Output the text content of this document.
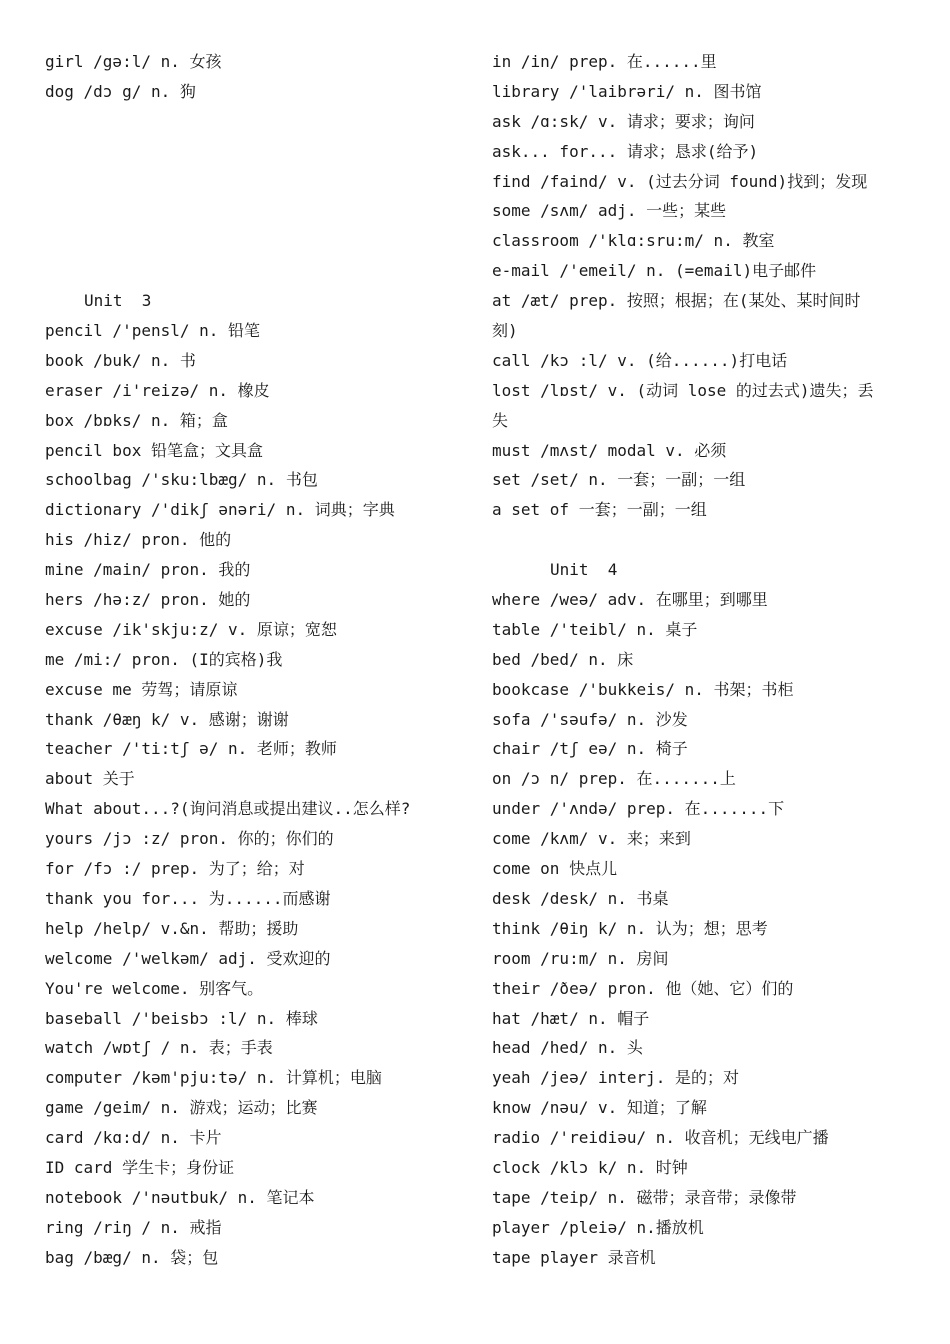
girl /gə:l/ n. 女孩
dog /dɔ g/ n. 狗
Unit  3
pencil /'pensl/ n. 铅笔
book /buk/ n. 书
eraser /i'reizə/ n. 橡皮
box /bɒks/ n. 箱；盒
pencil box 铅笔盒；文具盒
schoolbag /'sku:lbæg/ n. 书包
dictionary /'dikʃ ənəri/ n. 词典；字典
his /hiz/ pron. 他的
mine /main/ pron. 我的
hers /hə:z/ pron. 她的
excuse /ik'skju:z/ v. 原谅；宽恕
me /mi:/ pron. (I的宾格)我
excuse me 劳驾；请原谅
thank /θæŋ k/ v. 感谢；谢谢
teacher /'ti:tʃ ə/ n. 老师；教师
about 关于
What about...?(询问消息或提出建议..怎么样?
yours /jɔ :z/ pron. 你的；你们的
for /fɔ :/ prep. 为了；给；对
thank you for... 为......而感谢
help /help/ v.&n. 帮助；援助
welcome /'welkəm/ adj. 受欢迎的
You're welcome. 别客气。
baseball /'beisbɔ :l/ n. 棒球
watch /wɒtʃ / n. 表；手表
computer /kəm'pju:tə/ n. 计算机；电脑
game /geim/ n. 游戏；运动；比赛
card /kɑ:d/ n. 卡片
ID card 学生卡；身份证
notebook /'nəutbuk/ n. 笔记本
ring /riŋ / n. 戒指
bag /bæg/ n. 袋；包
in /in/ prep. 在......里
library /'laibrəri/ n. 图书馆
ask /ɑ:sk/ v. 请求；要求；询问
ask... for... 请求；恳求(给予)
find /faind/ v. (过去分词 found)找到；发现
some /sʌm/ adj. 一些；某些
classroom /'klɑ:sru:m/ n. 教室
e-mail /'emeil/ n. (=email)电子邮件
at /æt/ prep. 按照；根据；在(某处、某时间时
刻)
call /kɔ :l/ v. (给......)打电话
lost /lɒst/ v. (动词 lose 的过去式)遗失；丢
失
must /mʌst/ modal v. 必须
set /set/ n. 一套；一副；一组
a set of 一套；一副；一组
Unit  4
where /weə/ adv. 在哪里；到哪里
table /'teibl/ n. 桌子
bed /bed/ n. 床
bookcase /'bukkeis/ n. 书架；书柜
sofa /'səufə/ n. 沙发
chair /tʃ eə/ n. 椅子
on /ɔ n/ prep. 在.......上
under /'ʌndə/ prep. 在.......下
come /kʌm/ v. 来；来到
come on 快点儿
desk /desk/ n. 书桌
think /θiŋ k/ n. 认为；想；思考
room /ru:m/ n. 房间
their /ðeə/ pron. 他（她、它）们的
hat /hæt/ n. 帽子
head /hed/ n. 头
yeah /jeə/ interj. 是的；对
know /nəu/ v. 知道；了解
radio /'reidiəu/ n. 收音机；无线电广播
clock /klɔ k/ n. 时钟
tape /teip/ n. 磁带；录音带；录像带
player /pleiə/ n.播放机
tape player 录音机
